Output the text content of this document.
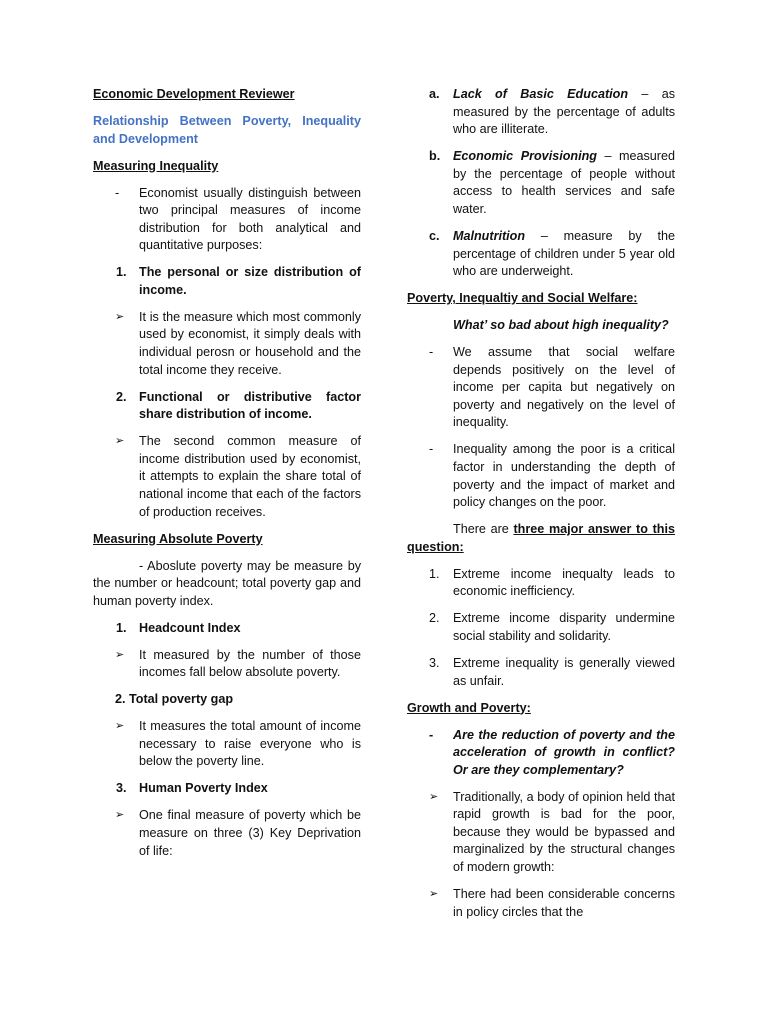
Economic Development Reviewer

Relationship Between Poverty, Inequality and Development

Measuring Inequality

- Economist usually distinguish between two principal measures of income distribution for both analytical and quantitative purposes:
1. The personal or size distribution of income.
➢ It is the measure which most commonly used by economist, it simply deals with individual perosn or household and the total income they receive.
2. Functional or distributive factor share distribution of income.
➢ The second common measure of income distribution used by economist, it attempts to explain the share total of national income that each of the factors of production receives.

Measuring Absolute Poverty

- Aboslute poverty may be measure by the number or headcount; total poverty gap and human poverty index.

1. Headcount Index
➢ It measured by the number of those incomes fall below absolute poverty.
2. Total poverty gap
➢ It measures the total amount of income necessary to raise everyone who is below the poverty line.
3. Human Poverty Index
➢ One final measure of poverty which be measure on three (3) Key Deprivation of life:
a. Lack of Basic Education – as measured by the percentage of adults who are illiterate.

b. Economic Provisioning – measured by the percentage of people without access to health services and safe water.

c. Malnutrition – measure by the percentage of children under 5 year old who are underweight.

Poverty, Inequaltiy and Social Welfare:

What’ so bad about high inequality?

- We assume that social welfare depends positively on the level of income per capita but negatively on poverty and negatively on the level of inequality.
- Inequality among the poor is a critical factor in understanding the depth of poverty and the impact of market and policy changes on the poor.

There are three major answer to this question:

1. Extreme income inequalty leads to economic inefficiency.
2. Extreme income disparity undermine social stability and solidarity.
3. Extreme inequality is generally viewed as unfair.

Growth and Poverty:

- Are the reduction of poverty and the acceleration of growth in conflict? Or are they complementary?
➢ Traditionally, a body of opinion held that rapid growth is bad for the poor, because they would be bypassed and marginalized by the structural changes of modern growth:
➢ There had been considerable concerns in policy circles that the
